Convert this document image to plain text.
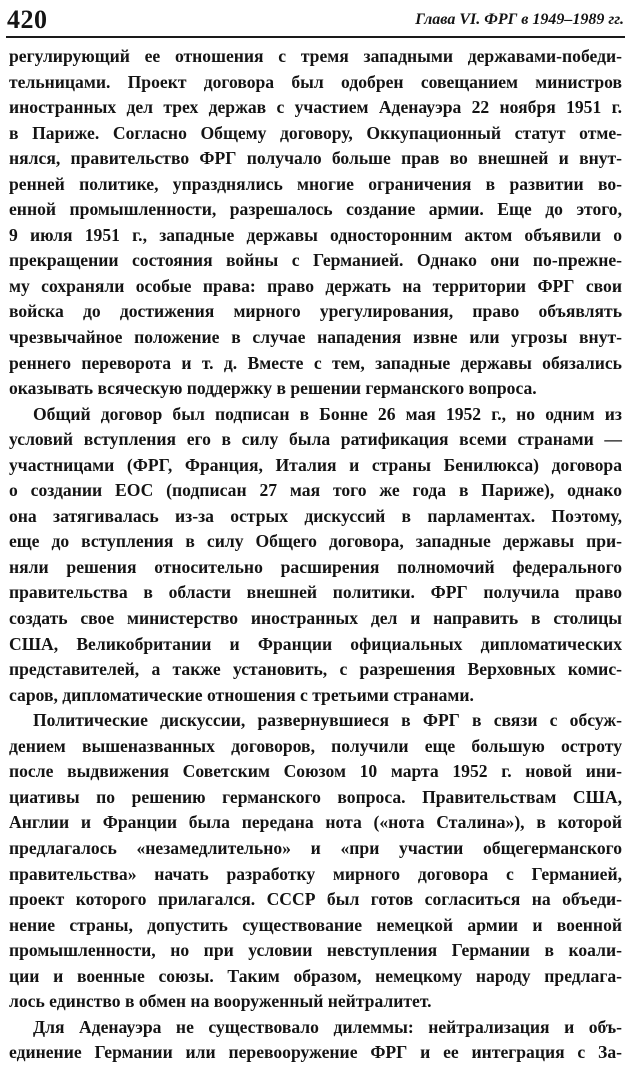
420	Глава VI. ФРГ в 1949–1989 гг.
регулирующий ее отношения с тремя западными державами-победи-
тельницами. Проект договора был одобрен совещанием министров
иностранных дел трех держав с участием Аденауэра 22 ноября 1951 г.
в Париже. Согласно Общему договору, Оккупационный статут отме-
нялся, правительство ФРГ получало больше прав во внешней и внут-
ренней политике, упразднялись многие ограничения в развитии во-
енной промышленности, разрешалось создание армии. Еще до этого,
9 июля 1951 г., западные державы односторонним актом объявили о
прекращении состояния войны с Германией. Однако они по-прежне-
му сохраняли особые права: право держать на территории ФРГ свои
войска до достижения мирного урегулирования, право объявлять
чрезвычайное положение в случае нападения извне или угрозы внут-
реннего переворота и т. д. Вместе с тем, западные державы обязались
оказывать всяческую поддержку в решении германского вопроса.
Общий договор был подписан в Бонне 26 мая 1952 г., но одним из
условий вступления его в силу была ратификация всеми странами —
участницами (ФРГ, Франция, Италия и страны Бенилюкса) договора
о создании ЕОС (подписан 27 мая того же года в Париже), однако
она затягивалась из-за острых дискуссий в парламентах. Поэтому,
еще до вступления в силу Общего договора, западные державы при-
няли решения относительно расширения полномочий федерального
правительства в области внешней политики. ФРГ получила право
создать свое министерство иностранных дел и направить в столицы
США, Великобритании и Франции официальных дипломатических
представителей, а также установить, с разрешения Верховных комис-
саров, дипломатические отношения с третьими странами.
Политические дискуссии, развернувшиеся в ФРГ в связи с обсуж-
дением вышеназванных договоров, получили еще большую остроту
после выдвижения Советским Союзом 10 марта 1952 г. новой ини-
циативы по решению германского вопроса. Правительствам США,
Англии и Франции была передана нота («нота Сталина»), в которой
предлагалось «незамедлительно» и «при участии общегерманского
правительства» начать разработку мирного договора с Германией,
проект которого прилагался. СССР был готов согласиться на объеди-
нение страны, допустить существование немецкой армии и военной
промышленности, но при условии невступления Германии в коали-
ции и военные союзы. Таким образом, немецкому народу предлага-
лось единство в обмен на вооруженный нейтралитет.
Для Аденауэра не существовало дилеммы: нейтрализация и объ-
единение Германии или перевооружение ФРГ и ее интеграция с За-
